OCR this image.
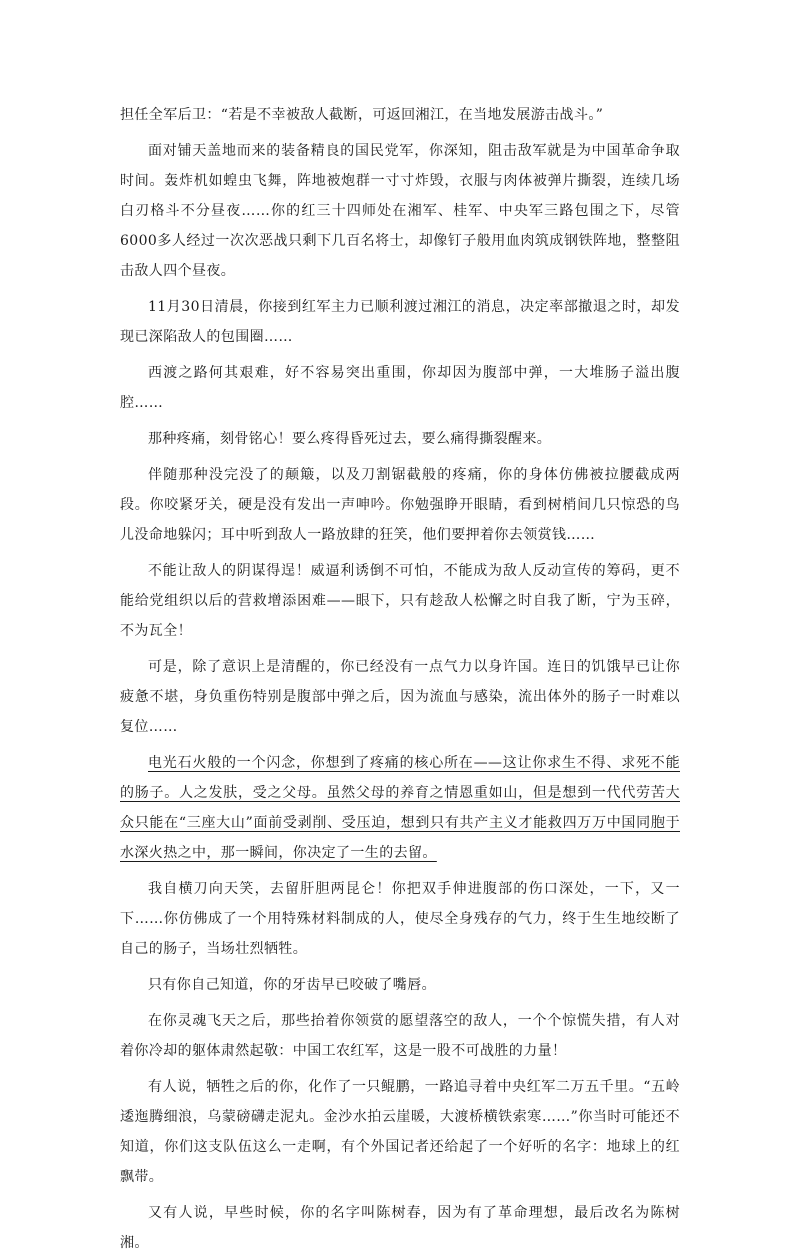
担任全军后卫：“若是不幸被敌人截断，可返回湘江，在当地发展游击战斗。”

面对铺天盖地而来的装备精良的国民党军，你深知，阻击敌军就是为中国革命争取时间。轰炸机如蝗虫飞舞，阵地被炮群一寸寸炸毁，衣服与肉体被弹片撕裂，连续几场白刃格斗不分昼夜……你的红三十四师处在湘军、桂军、中央军三路包围之下，尽管6000多人经过一次次恶战只剩下几百名将士，却像钉子般用血肉筑成钢铁阵地，整整阻击敌人四个昼夜。

11月30日清晨，你接到红军主力已顺利渡过湘江的消息，决定率部撤退之时，却发现已深陷敌人的包围圈……

西渡之路何其艰难，好不容易突出重围，你却因为腹部中弹，一大堆肠子溢出腹腔……

那种疼痛，刻骨铭心！要么疼得昏死过去，要么痛得撕裂醒来。

伴随那种没完没了的颠簸，以及刀割锯截般的疼痛，你的身体仿佛被拉腰截成两段。你咬紧牙关，硬是没有发出一声呻吟。你勉强睁开眼睛，看到树梢间几只惊恐的鸟儿没命地躲闪；耳中听到敌人一路放肆的狂笑，他们要押着你去领赏钱……

不能让敌人的阴谋得逞！威逼利诱倒不可怕，不能成为敌人反动宣传的筹码，更不能给党组织以后的营救增添困难——眼下，只有趁敌人松懈之时自我了断，宁为玉碎，不为瓦全！

可是，除了意识上是清醒的，你已经没有一点气力以身许国。连日的饥饿早已让你疲惫不堪，身负重伤特别是腹部中弹之后，因为流血与感染，流出体外的肠子一时难以复位……

电光石火般的一个闪念，你想到了疼痛的核心所在——这让你求生不得、求死不能的肠子。人之发肤，受之父母。虽然父母的养育之情恩重如山，但是想到一代代劳苦大众只能在“三座大山”面前受剥削、受压迫，想到只有共产主义才能救四万万中国同胞于水深火热之中，那一瞬间，你决定了一生的去留。

我自横刀向天笑，去留肝胆两昆仑！你把双手伸进腹部的伤口深处，一下，又一下……你仿佛成了一个用特殊材料制成的人，使尽全身残存的气力，终于生生地绞断了自己的肠子，当场壮烈牺牲。

只有你自己知道，你的牙齿早已咬破了嘴唇。

在你灵魂飞天之后，那些抬着你领赏的愿望落空的敌人，一个个惊慌失措，有人对着你冷却的躯体肃然起敬：中国工农红军，这是一股不可战胜的力量！

有人说，牺牲之后的你，化作了一只鲲鹏，一路追寻着中央红军二万五千里。“五岭逶迤腾细浪，乌蒙磅礴走泥丸。金沙水拍云崖暖，大渡桥横铁索寒……”你当时可能还不知道，你们这支队伍这么一走啊，有个外国记者还给起了一个好听的名字：地球上的红飘带。

又有人说，早些时候，你的名字叫陈树春，因为有了革命理想，最后改名为陈树湘。
